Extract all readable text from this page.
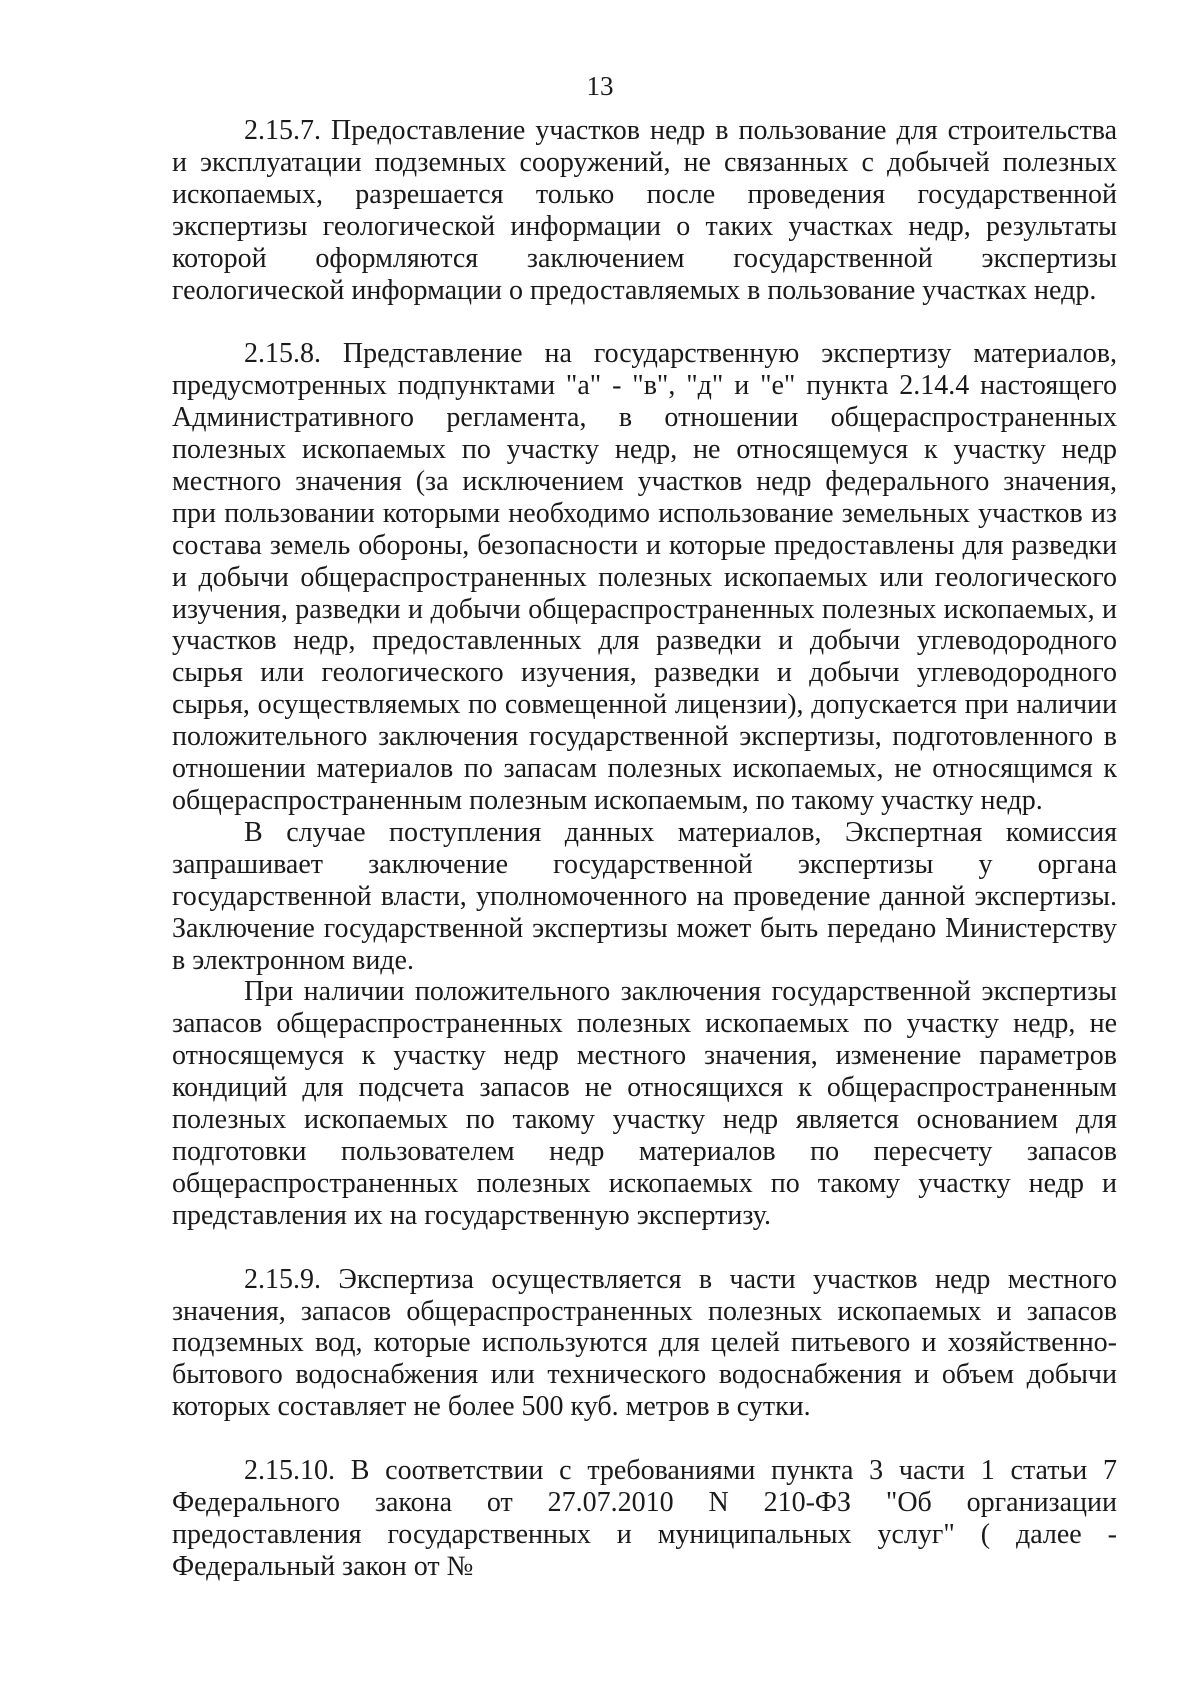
13

2.15.7. Предоставление участков недр в пользование для строительства и эксплуатации подземных сооружений, не связанных с добычей полезных ископаемых, разрешается только после проведения государственной экспертизы геологической информации о таких участках недр, результаты которой оформляются заключением государственной экспертизы геологической информации о предоставляемых в пользование участках недр.

2.15.8. Представление на государственную экспертизу материалов, предусмотренных подпунктами "а" - "в", "д" и "е" пункта 2.14.4 настоящего Административного регламента, в отношении общераспространенных полезных ископаемых по участку недр, не относящемуся к участку недр местного значения (за исключением участков недр федерального значения, при пользовании которыми необходимо использование земельных участков из состава земель обороны, безопасности и которые предоставлены для разведки и добычи общераспространенных полезных ископаемых или геологического изучения, разведки и добычи общераспространенных полезных ископаемых, и участков недр, предоставленных для разведки и добычи углеводородного сырья или геологического изучения, разведки и добычи углеводородного сырья, осуществляемых по совмещенной лицензии), допускается при наличии положительного заключения государственной экспертизы, подготовленного в отношении материалов по запасам полезных ископаемых, не относящимся к общераспространенным полезным ископаемым, по такому участку недр.

В случае поступления данных материалов, Экспертная комиссия запрашивает заключение государственной экспертизы у органа государственной власти, уполномоченного на проведение данной экспертизы. Заключение государственной экспертизы может быть передано Министерству в электронном виде.

При наличии положительного заключения государственной экспертизы запасов общераспространенных полезных ископаемых по участку недр, не относящемуся к участку недр местного значения, изменение параметров кондиций для подсчета запасов не относящихся к общераспространенным полезных ископаемых по такому участку недр является основанием для подготовки пользователем недр материалов по пересчету запасов общераспространенных полезных ископаемых по такому участку недр и представления их на государственную экспертизу.

2.15.9. Экспертиза осуществляется в части участков недр местного значения, запасов общераспространенных полезных ископаемых и запасов подземных вод, которые используются для целей питьевого и хозяйственно-бытового водоснабжения или технического водоснабжения и объем добычи которых составляет не более 500 куб. метров в сутки.

2.15.10. В соответствии с требованиями пункта 3 части 1 статьи 7 Федерального закона от 27.07.2010 N 210-ФЗ "Об организации предоставления государственных и муниципальных услуг" ( далее - Федеральный закон от №
